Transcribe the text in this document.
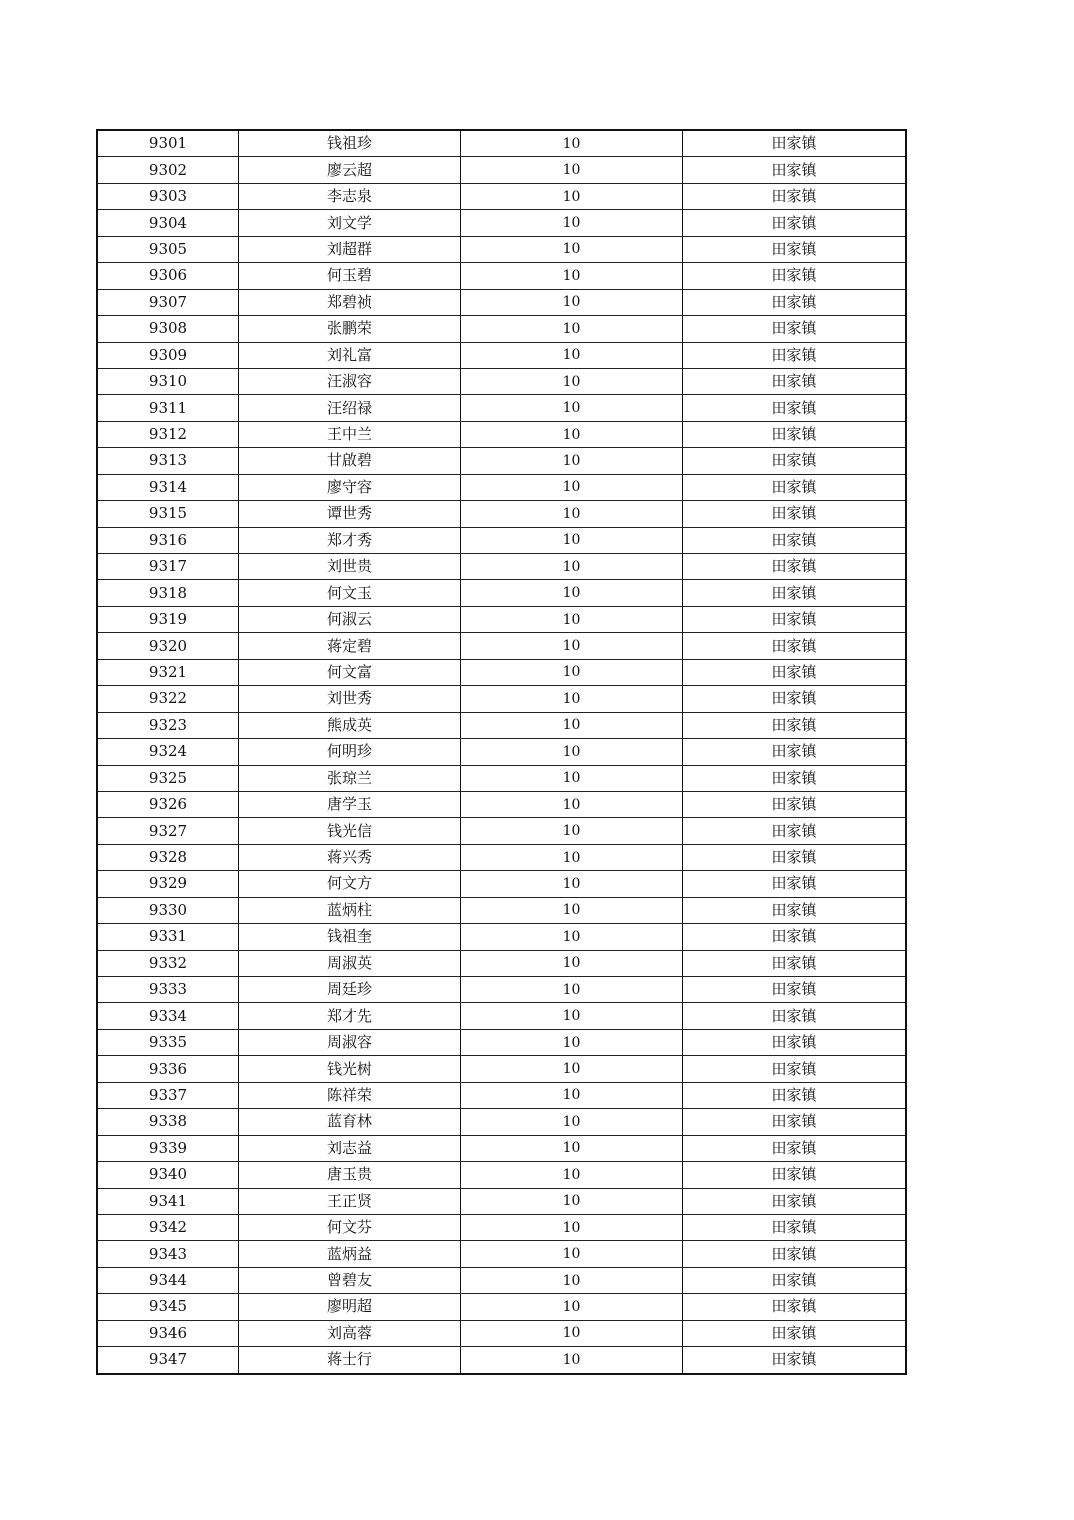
9301	钱祖珍	10	田家镇
9302	廖云超	10	田家镇
9303	李志泉	10	田家镇
9304	刘文学	10	田家镇
9305	刘超群	10	田家镇
9306	何玉碧	10	田家镇
9307	郑碧祯	10	田家镇
9308	张鹏荣	10	田家镇
9309	刘礼富	10	田家镇
9310	汪淑容	10	田家镇
9311	汪绍禄	10	田家镇
9312	王中兰	10	田家镇
9313	甘啟碧	10	田家镇
9314	廖守容	10	田家镇
9315	谭世秀	10	田家镇
9316	郑才秀	10	田家镇
9317	刘世贵	10	田家镇
9318	何文玉	10	田家镇
9319	何淑云	10	田家镇
9320	蒋定碧	10	田家镇
9321	何文富	10	田家镇
9322	刘世秀	10	田家镇
9323	熊成英	10	田家镇
9324	何明珍	10	田家镇
9325	张琼兰	10	田家镇
9326	唐学玉	10	田家镇
9327	钱光信	10	田家镇
9328	蒋兴秀	10	田家镇
9329	何文方	10	田家镇
9330	蓝炳柱	10	田家镇
9331	钱祖奎	10	田家镇
9332	周淑英	10	田家镇
9333	周廷珍	10	田家镇
9334	郑才先	10	田家镇
9335	周淑容	10	田家镇
9336	钱光树	10	田家镇
9337	陈祥荣	10	田家镇
9338	蓝育林	10	田家镇
9339	刘志益	10	田家镇
9340	唐玉贵	10	田家镇
9341	王正贤	10	田家镇
9342	何文芬	10	田家镇
9343	蓝炳益	10	田家镇
9344	曾碧友	10	田家镇
9345	廖明超	10	田家镇
9346	刘高蓉	10	田家镇
9347	蒋士行	10	田家镇
